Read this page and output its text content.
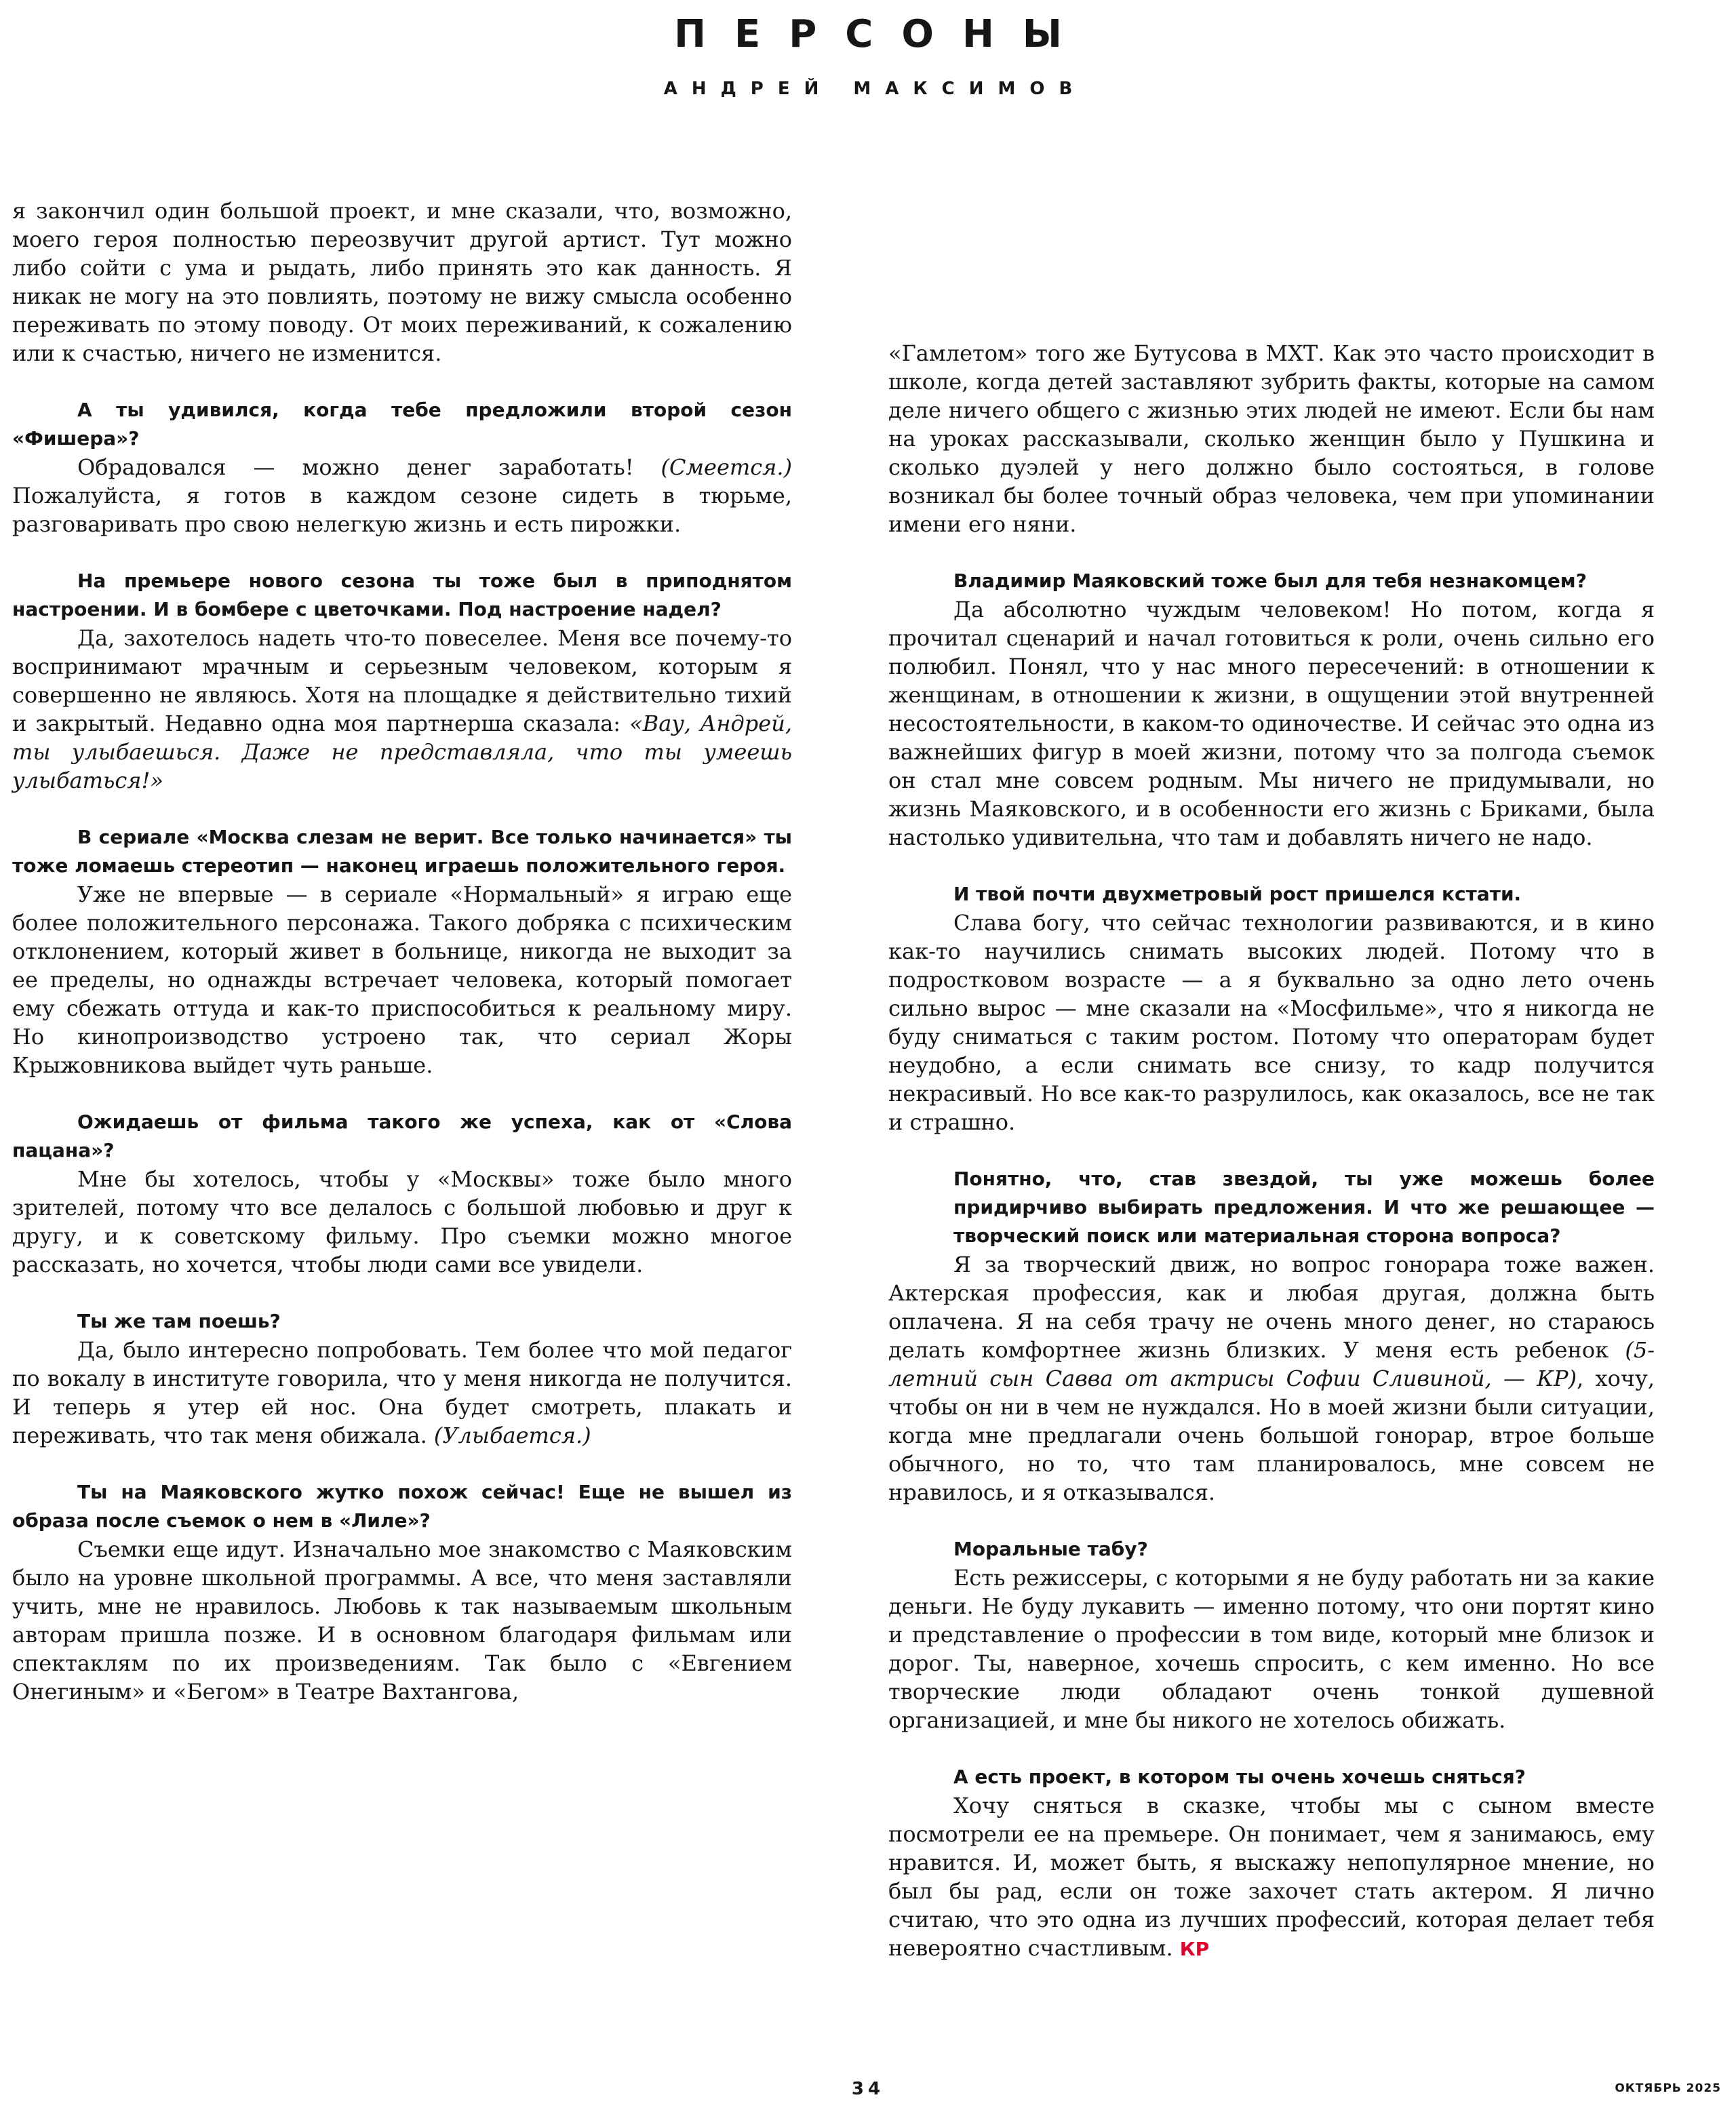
ПЕРСОНЫ
АНДРЕЙ МАКСИМОВ

я закончил один большой проект, и мне сказали, что, возможно, моего героя полностью переозвучит другой артист. Тут можно либо сойти с ума и рыдать, либо принять это как данность. Я никак не могу на это повлиять, поэтому не вижу смысла особенно переживать по этому поводу. От моих переживаний, к сожалению или к счастью, ничего не изменится.

А ты удивился, когда тебе предложили второй сезон «Фишера»?

Обрадовался — можно денег заработать! (Смеется.) Пожалуйста, я готов в каждом сезоне сидеть в тюрьме, разговаривать про свою нелегкую жизнь и есть пирожки.

На премьере нового сезона ты тоже был в приподнятом настроении. И в бомбере с цветочками. Под настроение надел?

Да, захотелось надеть что-то повеселее. Меня все почему-то воспринимают мрачным и серьезным человеком, которым я совершенно не являюсь. Хотя на площадке я действительно тихий и закрытый. Недавно одна моя партнерша сказала: «Вау, Андрей, ты улыбаешься. Даже не представляла, что ты умеешь улыбаться!»

В сериале «Москва слезам не верит. Все только начинается» ты тоже ломаешь стереотип — наконец играешь положительного героя.

Уже не впервые — в сериале «Нормальный» я играю еще более положительного персонажа. Такого добряка с психическим отклонением, который живет в больнице, никогда не выходит за ее пределы, но однажды встречает человека, который помогает ему сбежать оттуда и как-то приспособиться к реальному миру. Но кинопроизводство устроено так, что сериал Жоры Крыжовникова выйдет чуть раньше.

Ожидаешь от фильма такого же успеха, как от «Слова пацана»?

Мне бы хотелось, чтобы у «Москвы» тоже было много зрителей, потому что все делалось с большой любовью и друг к другу, и к советскому фильму. Про съемки можно многое рассказать, но хочется, чтобы люди сами все увидели.

Ты же там поешь?

Да, было интересно попробовать. Тем более что мой педагог по вокалу в институте говорила, что у меня никогда не получится. И теперь я утер ей нос. Она будет смотреть, плакать и переживать, что так меня обижала. (Улыбается.)

Ты на Маяковского жутко похож сейчас! Еще не вышел из образа после съемок о нем в «Лиле»?

Съемки еще идут. Изначально мое знакомство с Маяковским было на уровне школьной программы. А все, что меня заставляли учить, мне не нравилось. Любовь к так называемым школьным авторам пришла позже. И в основном благодаря фильмам или спектаклям по их произведениям. Так было с «Евгением Онегиным» и «Бегом» в Театре Вахтангова,

«Гамлетом» того же Бутусова в МХТ. Как это часто происходит в школе, когда детей заставляют зубрить факты, которые на самом деле ничего общего с жизнью этих людей не имеют. Если бы нам на уроках рассказывали, сколько женщин было у Пушкина и сколько дуэлей у него должно было состояться, в голове возникал бы более точный образ человека, чем при упоминании имени его няни.

Владимир Маяковский тоже был для тебя незнакомцем?

Да абсолютно чуждым человеком! Но потом, когда я прочитал сценарий и начал готовиться к роли, очень сильно его полюбил. Понял, что у нас много пересечений: в отношении к женщинам, в отношении к жизни, в ощущении этой внутренней несостоятельности, в каком-то одиночестве. И сейчас это одна из важнейших фигур в моей жизни, потому что за полгода съемок он стал мне совсем родным. Мы ничего не придумывали, но жизнь Маяковского, и в особенности его жизнь с Бриками, была настолько удивительна, что там и добавлять ничего не надо.

И твой почти двухметровый рост пришелся кстати.

Слава богу, что сейчас технологии развиваются, и в кино как-то научились снимать высоких людей. Потому что в подростковом возрасте — а я буквально за одно лето очень сильно вырос — мне сказали на «Мосфильме», что я никогда не буду сниматься с таким ростом. Потому что операторам будет неудобно, а если снимать все снизу, то кадр получится некрасивый. Но все как-то разрулилось, как оказалось, все не так и страшно.

Понятно, что, став звездой, ты уже можешь более придирчиво выбирать предложения. И что же решающее — творческий поиск или материальная сторона вопроса?

Я за творческий движ, но вопрос гонорара тоже важен. Актерская профессия, как и любая другая, должна быть оплачена. Я на себя трачу не очень много денег, но стараюсь делать комфортнее жизнь близких. У меня есть ребенок (5-летний сын Савва от актрисы Софии Сливиной, — КР), хочу, чтобы он ни в чем не нуждался. Но в моей жизни были ситуации, когда мне предлагали очень большой гонорар, втрое больше обычного, но то, что там планировалось, мне совсем не нравилось, и я отказывался.

Моральные табу?

Есть режиссеры, с которыми я не буду работать ни за какие деньги. Не буду лукавить — именно потому, что они портят кино и представление о профессии в том виде, который мне близок и дорог. Ты, наверное, хочешь спросить, с кем именно. Но все творческие люди обладают очень тонкой душевной организацией, и мне бы никого не хотелось обижать.

А есть проект, в котором ты очень хочешь сняться?

Хочу сняться в сказке, чтобы мы с сыном вместе посмотрели ее на премьере. Он понимает, чем я занимаюсь, ему нравится. И, может быть, я выскажу непопулярное мнение, но был бы рад, если он тоже захочет стать актером. Я лично считаю, что это одна из лучших профессий, которая делает тебя невероятно счастливым. КР

34	ОКТЯБРЬ 2025
